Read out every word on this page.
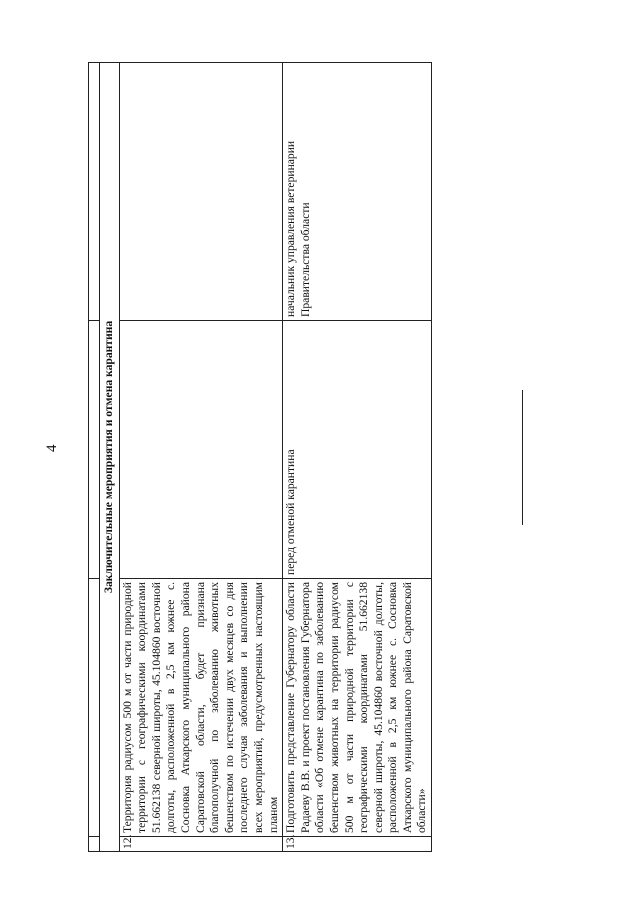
4
				Заключительные мероприятия и отмена карантина			
12.	Территория радиусом 500 м от части природной территории с географическими координатами 51.662138 северной широты, 45.104860 восточной долготы, расположенной в 2,5 км южнее с. Сосновка Аткарского муниципального района Саратовской области, будет признана благополучной по заболеванию животных бешенством по истечении двух месяцев со дня последнего случая заболевания и выполнении всех мероприятий, предусмотренных настоящим планом		
13.	Подготовить представление Губернатору области Радаеву В.В. и проект постановления Губернатора области «Об отмене карантина по заболеванию бешенством животных на территории радиусом 500 м от части природной территории с географическими координатами 51.662138 северной широты, 45.104860 восточной долготы, расположенной в 2,5 км южнее с. Сосновка Аткарского муниципального района Саратовской области»	перед отменой карантина	начальник управления ветеринарии Правительства области
